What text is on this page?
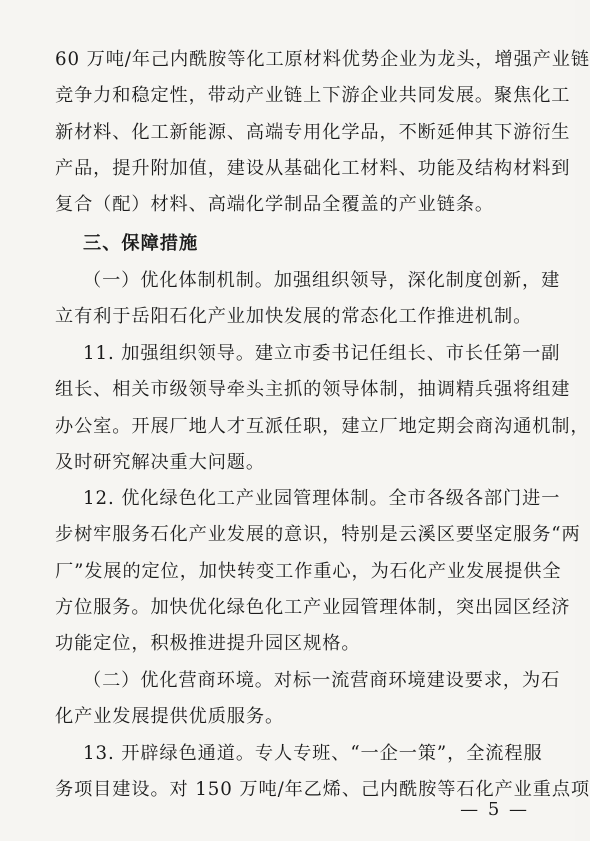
60 万吨/年己内酰胺等化工原材料优势企业为龙头，增强产业链
竞争力和稳定性，带动产业链上下游企业共同发展。聚焦化工
新材料、化工新能源、高端专用化学品，不断延伸其下游衍生
产品，提升附加值，建设从基础化工材料、功能及结构材料到
复合（配）材料、高端化学制品全覆盖的产业链条。
三、保障措施
（一）优化体制机制。加强组织领导，深化制度创新，建
立有利于岳阳石化产业加快发展的常态化工作推进机制。
11. 加强组织领导。建立市委书记任组长、市长任第一副
组长、相关市级领导牵头主抓的领导体制，抽调精兵强将组建
办公室。开展厂地人才互派任职，建立厂地定期会商沟通机制，
及时研究解决重大问题。
12. 优化绿色化工产业园管理体制。全市各级各部门进一
步树牢服务石化产业发展的意识，特别是云溪区要坚定服务“两
厂”发展的定位，加快转变工作重心，为石化产业发展提供全
方位服务。加快优化绿色化工产业园管理体制，突出园区经济
功能定位，积极推进提升园区规格。
（二）优化营商环境。对标一流营商环境建设要求，为石
化产业发展提供优质服务。
13. 开辟绿色通道。专人专班、“一企一策”，全流程服
务项目建设。对 150 万吨/年乙烯、己内酰胺等石化产业重点项
— 5 —
